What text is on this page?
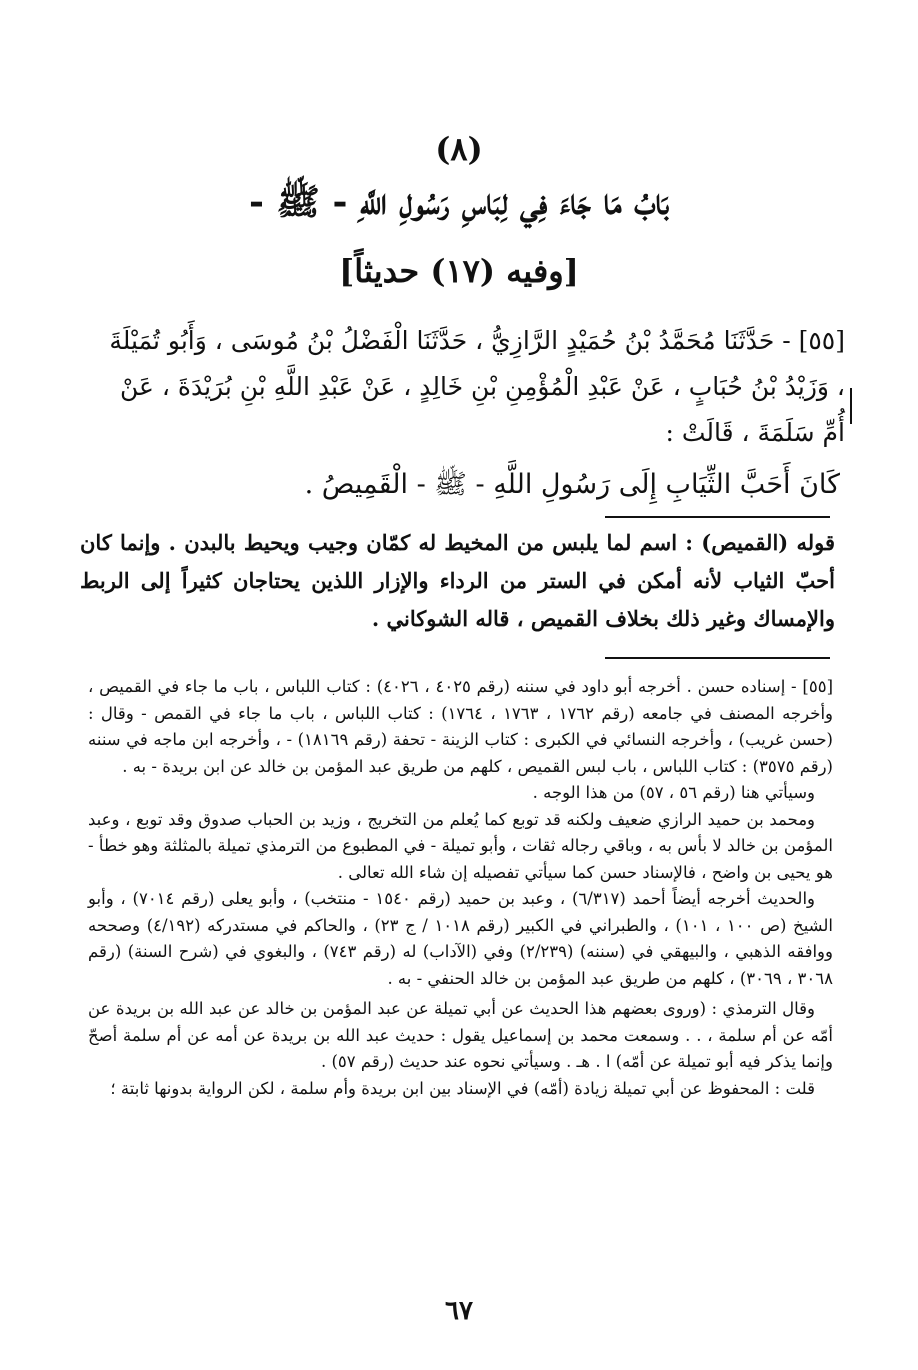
(٨)
بَابُ مَا جَاءَ فِي لِبَاسِ رَسُولِ اللَّهِ - ﷺ -
[وفيه (١٧) حديثاً]
[٥٥] - حَدَّثَنَا مُحَمَّدُ بْنُ حُمَيْدٍ الرَّازِيُّ ، حَدَّثَنَا الْفَضْلُ بْنُ مُوسَى ، وَأَبُو تُمَيْلَةَ ، وَزَيْدُ بْنُ حُبَابٍ ، عَنْ عَبْدِ الْمُؤْمِنِ بْنِ خَالِدٍ ، عَنْ عَبْدِ اللَّهِ بْنِ بُرَيْدَةَ ، عَنْ أُمِّ سَلَمَةَ ، قَالَتْ :
كَانَ أَحَبَّ الثِّيَابِ إِلَى رَسُولِ اللَّهِ - ﷺ - الْقَمِيصُ .
قوله (القميص) : اسم لما يلبس من المخيط له كمّان وجيب ويحيط بالبدن . وإنما كان أحبّ الثياب لأنه أمكن في الستر من الرداء والإزار اللذين يحتاجان كثيراً إلى الربط والإمساك وغير ذلك بخلاف القميص ، قاله الشوكاني .

[٥٥] - إسناده حسن . أخرجه أبو داود في سننه (رقم ٤٠٢٥ ، ٤٠٢٦) : كتاب اللباس ، باب ما جاء في القميص ، وأخرجه المصنف في جامعه (رقم ١٧٦٢ ، ١٧٦٣ ، ١٧٦٤) : كتاب اللباس ، باب ما جاء في القمص - وقال : (حسن غريب) ، وأخرجه النسائي في الكبرى : كتاب الزينة - تحفة (رقم ١٨١٦٩) - ، وأخرجه ابن ماجه في سننه (رقم ٣٥٧٥) : كتاب اللباس ، باب لبس القميص ، كلهم من طريق عبد المؤمن بن خالد عن ابن بريدة - به .

وسيأتي هنا (رقم ٥٦ ، ٥٧) من هذا الوجه .

ومحمد بن حميد الرازي ضعيف ولكنه قد توبع كما يُعلم من التخريج ، وزيد بن الحباب صدوق وقد توبع ، وعبد المؤمن بن خالد لا بأس به ، وباقي رجاله ثقات ، وأبو تميلة - في المطبوع من الترمذي تميلة بالمثلثة وهو خطأ - هو يحيى بن واضح ، فالإسناد حسن كما سيأتي تفصيله إن شاء الله تعالى .

والحديث أخرجه أيضاً أحمد (٦/٣١٧) ، وعبد بن حميد (رقم ١٥٤٠ - منتخب) ، وأبو يعلى (رقم ٧٠١٤) ، وأبو الشيخ (ص ١٠٠ ، ١٠١) ، والطبراني في الكبير (رقم ١٠١٨ / ج ٢٣) ، والحاكم في مستدركه (٤/١٩٢) وصححه ووافقه الذهبي ، والبيهقي في (سننه) (٢/٢٣٩) وفي (الآداب) له (رقم ٧٤٣) ، والبغوي في (شرح السنة) (رقم ٣٠٦٨ ، ٣٠٦٩) ، كلهم من طريق عبد المؤمن بن خالد الحنفي - به .

وقال الترمذي : (وروى بعضهم هذا الحديث عن أبي تميلة عن عبد المؤمن بن خالد عن عبد الله بن بريدة عن أمّه عن أم سلمة ، . . وسمعت محمد بن إسماعيل يقول : حديث عبد الله بن بريدة عن أمه عن أم سلمة أصحّ وإنما يذكر فيه أبو تميلة عن أمّه) ا . هـ . وسيأتي نحوه عند حديث (رقم ٥٧) .

قلت : المحفوظ عن أبي تميلة زيادة (أمّه) في الإسناد بين ابن بريدة وأم سلمة ، لكن الرواية بدونها ثابتة ؛

٦٧
